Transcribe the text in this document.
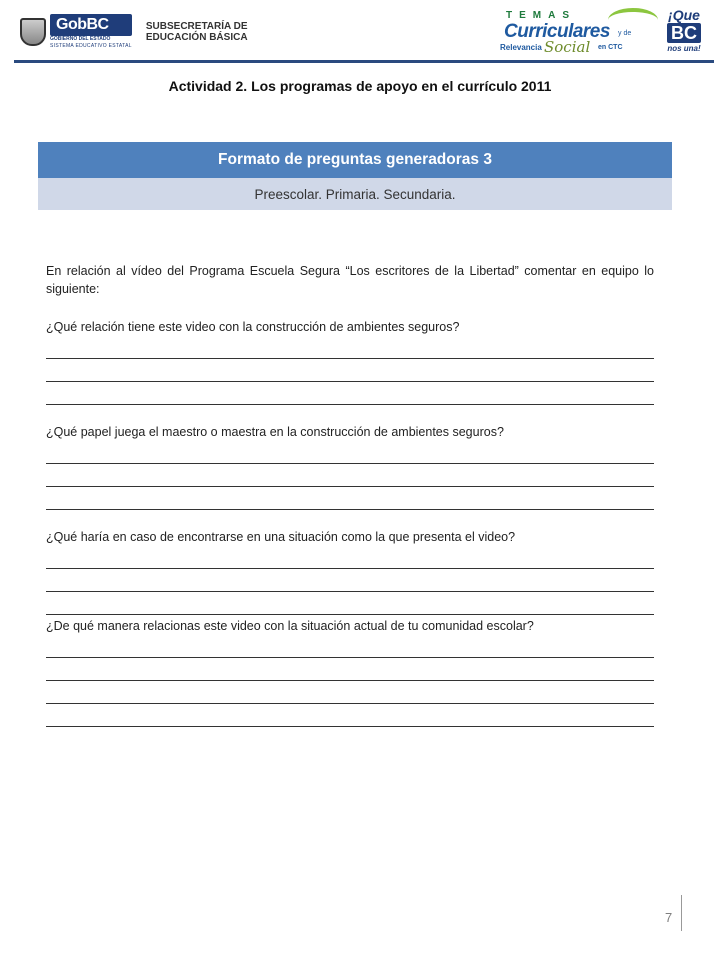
GobBC
GOBIERNO DEL ESTADO
SISTEMA EDUCATIVO ESTATAL
SUBSECRETARÍA DE
EDUCACIÓN BÁSICA
TEMAS
Curriculares y de
Relevancia Social en CTC
¡Que
BC
nos una!
Actividad 2. Los programas de apoyo en el currículo 2011
Formato de preguntas generadoras 3
Preescolar. Primaria. Secundaria.

En relación al vídeo del Programa Escuela Segura “Los escritores de la Libertad” comentar en equipo lo siguiente:

¿Qué relación tiene este video con la construcción de ambientes seguros?

¿Qué papel juega el maestro o maestra en la construcción de ambientes seguros?

¿Qué haría en caso de encontrarse en una situación como la que presenta el video?

¿De qué manera relacionas este video con la situación actual de tu comunidad escolar?

7
